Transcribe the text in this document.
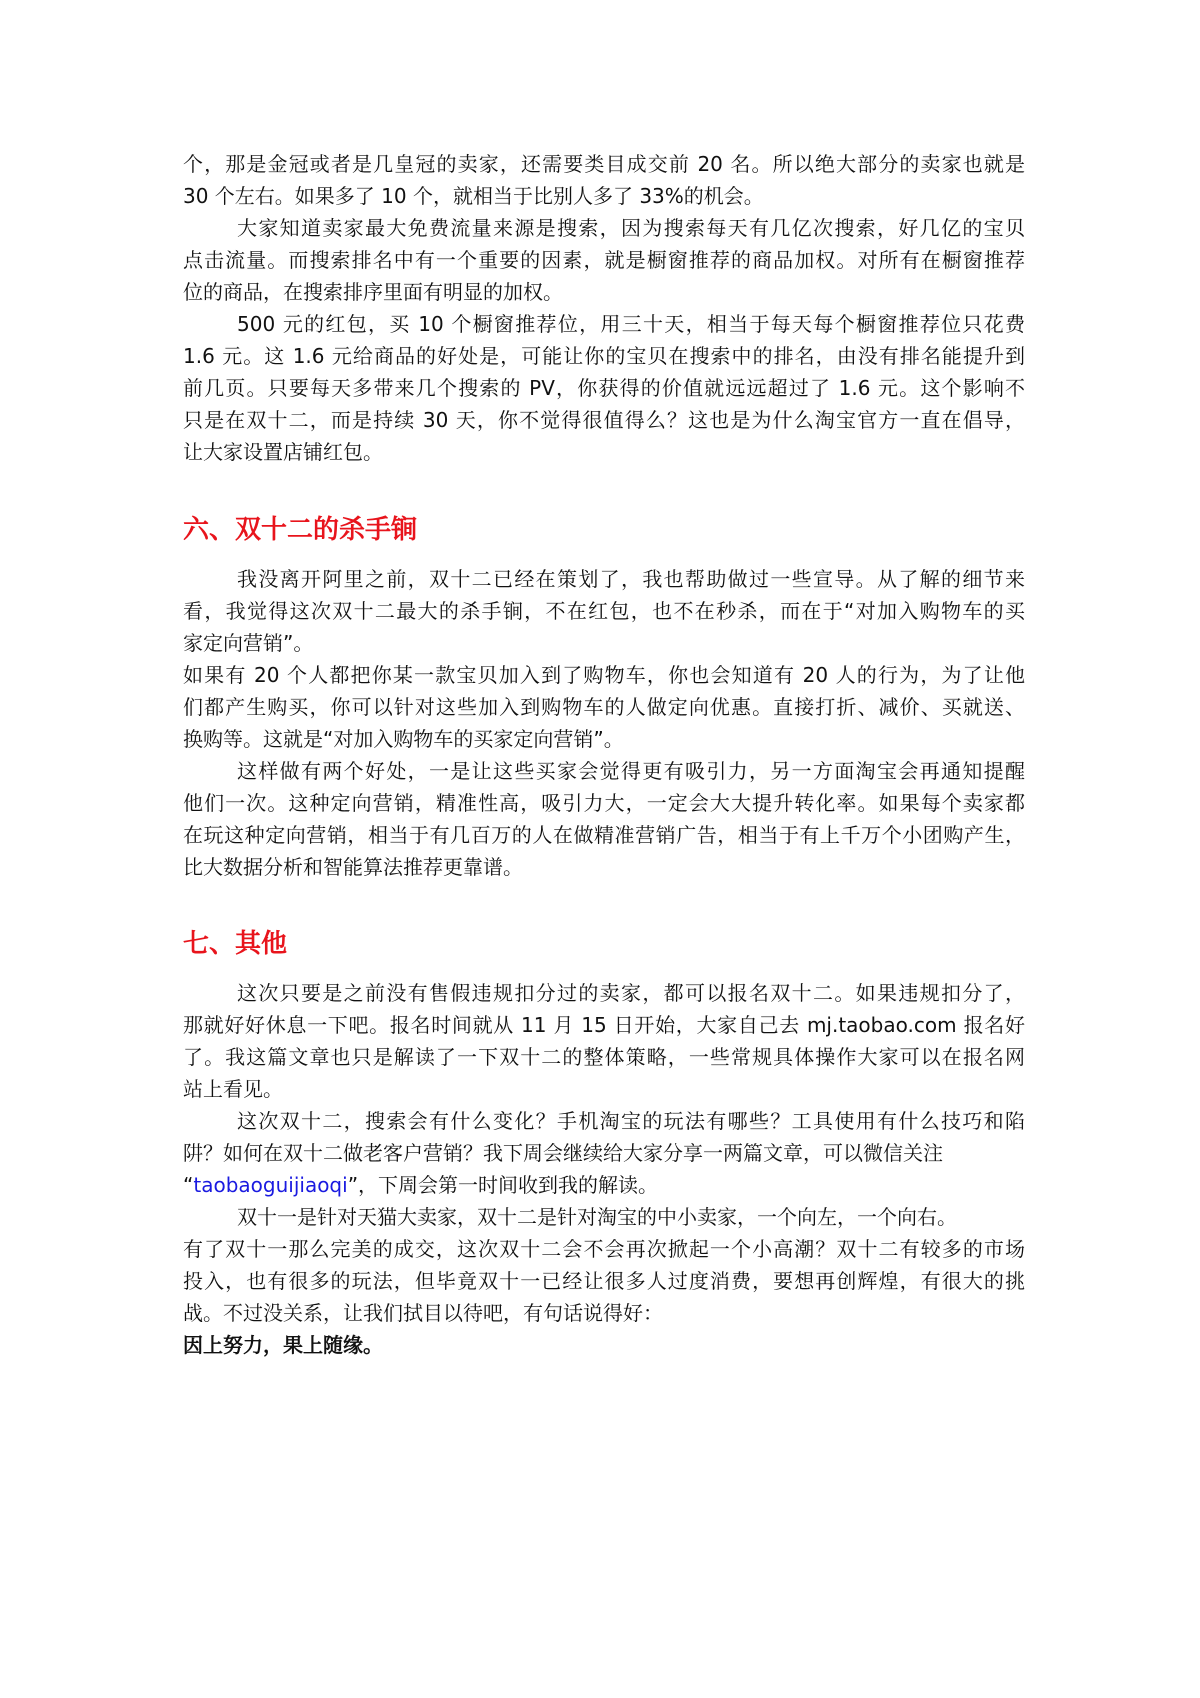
个，那是金冠或者是几皇冠的卖家，还需要类目成交前 20 名。所以绝大部分的卖家也就是
30 个左右。如果多了 10 个，就相当于比别人多了 33%的机会。
大家知道卖家最大免费流量来源是搜索，因为搜索每天有几亿次搜索，好几亿的宝贝
点击流量。而搜索排名中有一个重要的因素，就是橱窗推荐的商品加权。对所有在橱窗推荐
位的商品，在搜索排序里面有明显的加权。
500 元的红包，买 10 个橱窗推荐位，用三十天，相当于每天每个橱窗推荐位只花费
1.6 元。这 1.6 元给商品的好处是，可能让你的宝贝在搜索中的排名，由没有排名能提升到
前几页。只要每天多带来几个搜索的 PV，你获得的价值就远远超过了 1.6 元。这个影响不
只是在双十二，而是持续 30 天，你不觉得很值得么？这也是为什么淘宝官方一直在倡导，
让大家设置店铺红包。
六、双十二的杀手锏
我没离开阿里之前，双十二已经在策划了，我也帮助做过一些宣导。从了解的细节来
看，我觉得这次双十二最大的杀手锏，不在红包，也不在秒杀，而在于“对加入购物车的买
家定向营销”。
如果有 20 个人都把你某一款宝贝加入到了购物车，你也会知道有 20 人的行为，为了让他
们都产生购买，你可以针对这些加入到购物车的人做定向优惠。直接打折、减价、买就送、
换购等。这就是“对加入购物车的买家定向营销”。
这样做有两个好处，一是让这些买家会觉得更有吸引力，另一方面淘宝会再通知提醒
他们一次。这种定向营销，精准性高，吸引力大，一定会大大提升转化率。如果每个卖家都
在玩这种定向营销，相当于有几百万的人在做精准营销广告，相当于有上千万个小团购产生，
比大数据分析和智能算法推荐更靠谱。
七、其他
这次只要是之前没有售假违规扣分过的卖家，都可以报名双十二。如果违规扣分了，
那就好好休息一下吧。报名时间就从 11 月 15 日开始，大家自己去 mj.taobao.com 报名好
了。我这篇文章也只是解读了一下双十二的整体策略，一些常规具体操作大家可以在报名网
站上看见。
这次双十二，搜索会有什么变化？手机淘宝的玩法有哪些？工具使用有什么技巧和陷
阱？如何在双十二做老客户营销？我下周会继续给大家分享一两篇文章，可以微信关注
“taobaoguijiaoqi”，下周会第一时间收到我的解读。
双十一是针对天猫大卖家，双十二是针对淘宝的中小卖家，一个向左，一个向右。
有了双十一那么完美的成交，这次双十二会不会再次掀起一个小高潮？双十二有较多的市场
投入，也有很多的玩法，但毕竟双十一已经让很多人过度消费，要想再创辉煌，有很大的挑
战。不过没关系，让我们拭目以待吧，有句话说得好：
因上努力，果上随缘。
